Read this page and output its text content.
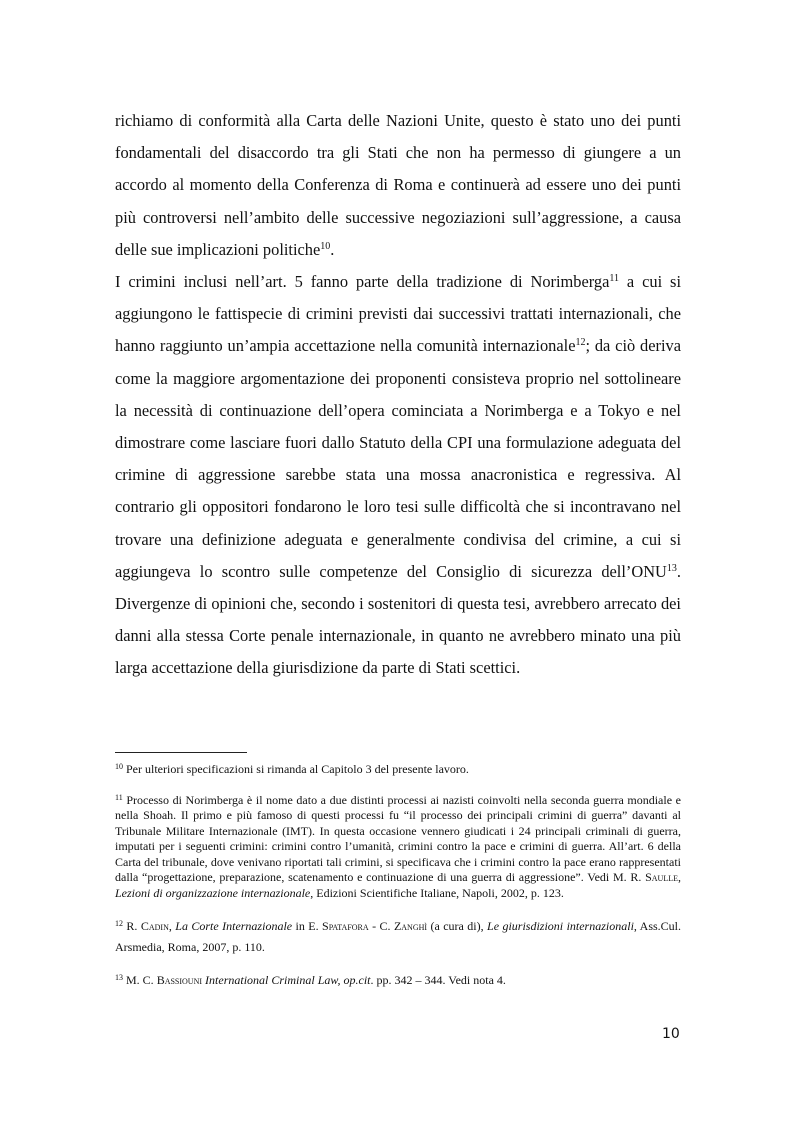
richiamo di conformità alla Carta delle Nazioni Unite, questo è stato uno dei punti fondamentali del disaccordo tra gli Stati che non ha permesso di giungere a un accordo al momento della Conferenza di Roma e continuerà ad essere uno dei punti più controversi nell’ambito delle successive negoziazioni sull’aggressione, a causa delle sue implicazioni politiche$^{10}$.

I crimini inclusi nell’art. 5 fanno parte della tradizione di Norimberga$^{11}$ a cui si aggiungono le fattispecie di crimini previsti dai successivi trattati internazionali, che hanno raggiunto un’ampia accettazione nella comunità internazionale$^{12}$; da ciò deriva come la maggiore argomentazione dei proponenti consisteva proprio nel sottolineare la necessità di continuazione dell’opera cominciata a Norimberga e a Tokyo e nel dimostrare come lasciare fuori dallo Statuto della CPI una formulazione adeguata del crimine di aggressione sarebbe stata una mossa anacronistica e regressiva. Al contrario gli oppositori fondarono le loro tesi sulle difficoltà che si incontravano nel trovare una definizione adeguata e generalmente condivisa del crimine, a cui si aggiungeva lo scontro sulle competenze del Consiglio di sicurezza dell’ONU$^{13}$. Divergenze di opinioni che, secondo i sostenitori di questa tesi, avrebbero arrecato dei danni alla stessa Corte penale internazionale, in quanto ne avrebbero minato una più larga accettazione della giurisdizione da parte di Stati scettici.

$^{10}$ Per ulteriori specificazioni si rimanda al Capitolo 3 del presente lavoro.

$^{11}$ Processo di Norimberga è il nome dato a due distinti processi ai nazisti coinvolti nella seconda guerra mondiale e nella Shoah. Il primo e più famoso di questi processi fu “il processo dei principali crimini di guerra” davanti al Tribunale Militare Internazionale (IMT). In questa occasione vennero giudicati i 24 principali criminali di guerra, imputati per i seguenti crimini: crimini contro l’umanità, crimini contro la pace e crimini di guerra. All’art. 6 della Carta del tribunale, dove venivano riportati tali crimini, si specificava che i crimini contro la pace erano rappresentati dalla “progettazione, preparazione, scatenamento e continuazione di una guerra di aggressione”. Vedi M. R. Saulle, Lezioni di organizzazione internazionale, Edizioni Scientifiche Italiane, Napoli, 2002, p. 123.

$^{12}$ R. Cadin, La Corte Internazionale in E. Spatafora - C. Zanghì (a cura di), Le giurisdizioni internazionali, Ass.Cul. Arsmedia, Roma, 2007, p. 110.

$^{13}$ M. C. Bassiouni International Criminal Law, op.cit. pp. 342 – 344. Vedi nota 4.

10
